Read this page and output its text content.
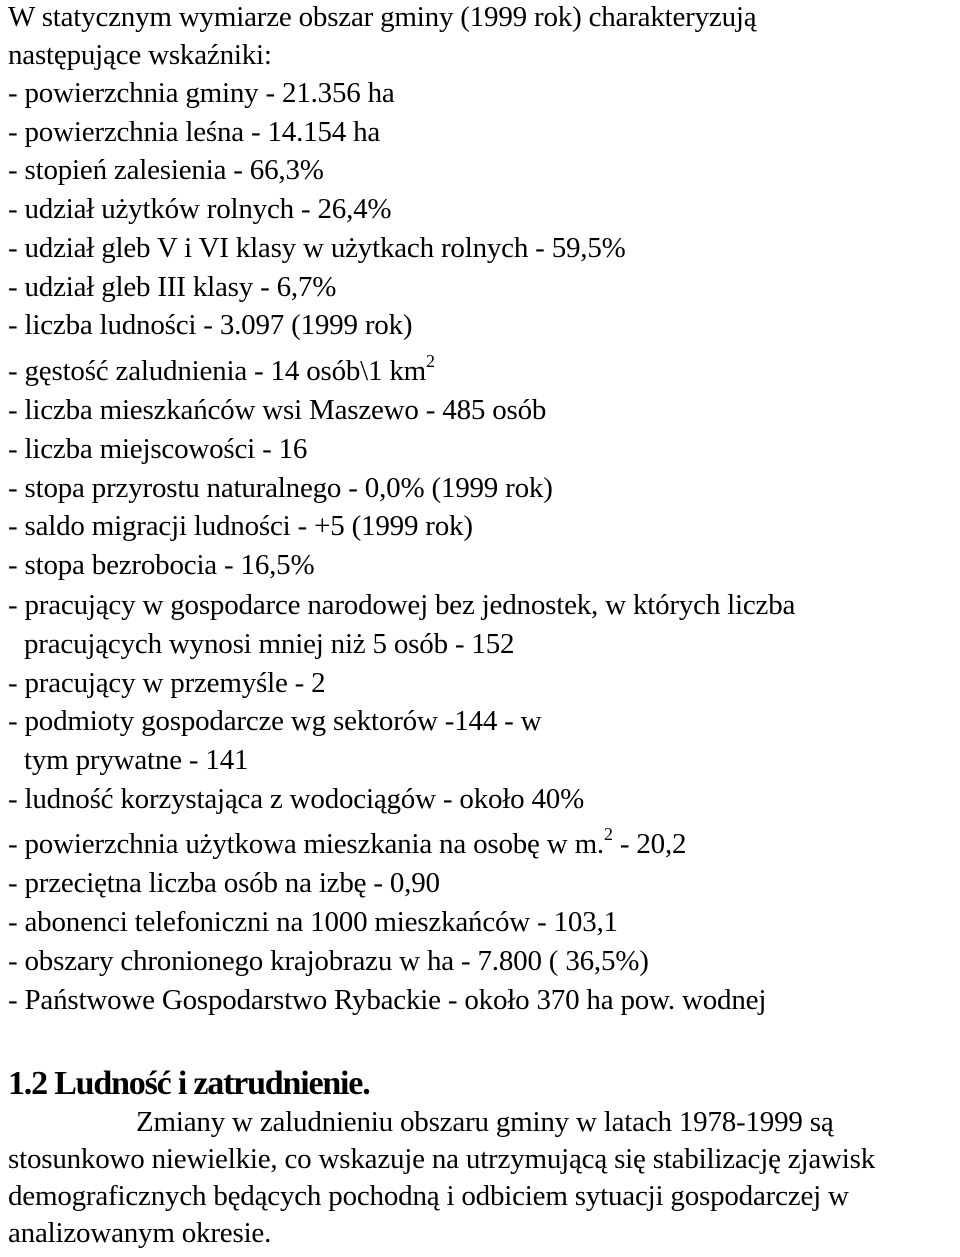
W statycznym wymiarze obszar gminy (1999 rok) charakteryzują
następujące wskaźniki:
- powierzchnia gminy - 21.356 ha
- powierzchnia leśna - 14.154 ha
- stopień zalesienia - 66,3%
- udział użytków rolnych - 26,4%
- udział gleb V i VI klasy w użytkach rolnych - 59,5%
- udział gleb III klasy - 6,7%
- liczba ludności - 3.097 (1999 rok)
- gęstość zaludnienia - 14 osób\1 $km^2$
- liczba mieszkańców wsi Maszewo - 485 osób
- liczba miejscowości - 16
- stopa przyrostu naturalnego - 0,0% (1999 rok)
- saldo migracji ludności - +5 (1999 rok)
- stopa bezrobocia - 16,5%
- pracujący w gospodarce narodowej bez jednostek, w których liczba
pracujących wynosi mniej niż 5 osób - 152
- pracujący w przemyśle - 2
- podmioty gospodarcze wg sektorów -144 - w
tym prywatne - 141
- ludność korzystająca z wodociągów - około 40%
- powierzchnia użytkowa mieszkania na osobę w m.$^2$ - 20,2
- przeciętna liczba osób na izbę - 0,90
- abonenci telefoniczni na 1000 mieszkańców - 103,1
- obszary chronionego krajobrazu w ha - 7.800 ( 36,5%)
- Państwowe Gospodarstwo Rybackie - około 370 ha pow. wodnej
1.2 Ludność i zatrudnienie.
Zmiany w zaludnieniu obszaru gminy w latach 1978-1999 są
stosunkowo niewielkie, co wskazuje na utrzymującą się stabilizację zjawisk
demograficznych będących pochodną i odbiciem sytuacji gospodarczej w
analizowanym okresie.
